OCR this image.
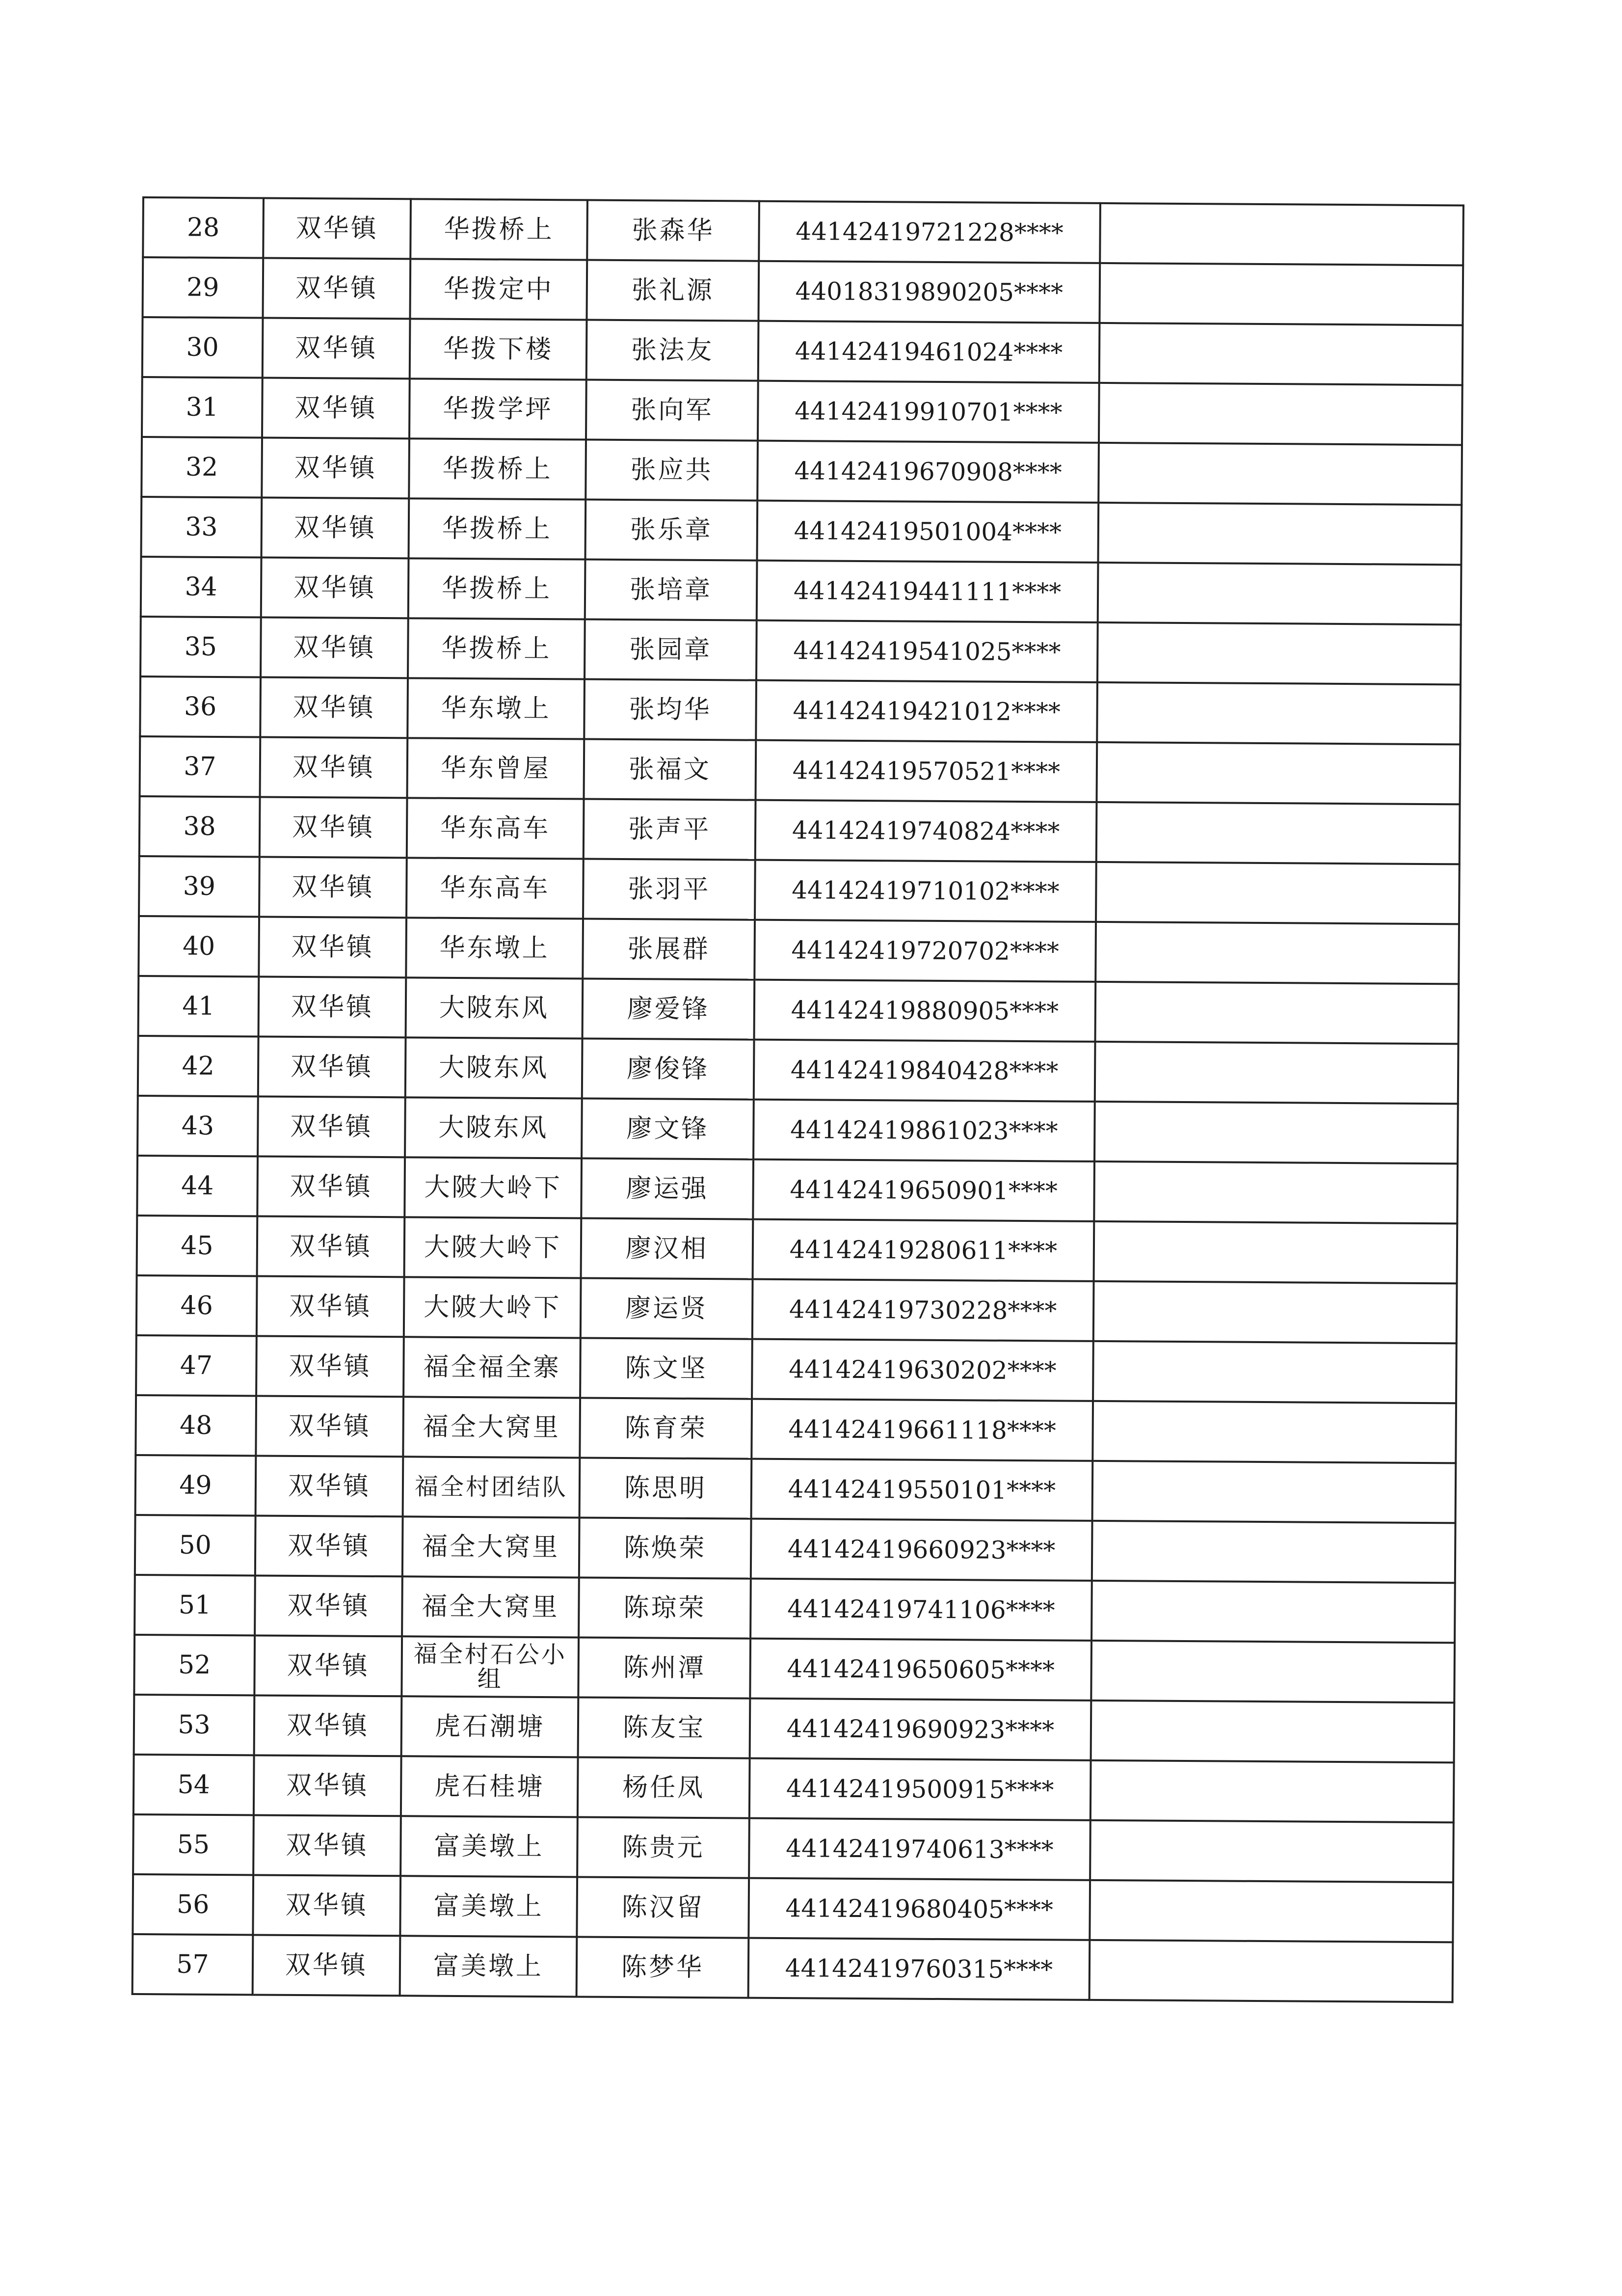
28	双华镇	华拨桥上	张森华	44142419721228****	
29	双华镇	华拨定中	张礼源	44018319890205****	
30	双华镇	华拨下楼	张法友	44142419461024****	
31	双华镇	华拨学坪	张向军	44142419910701****	
32	双华镇	华拨桥上	张应共	44142419670908****	
33	双华镇	华拨桥上	张乐章	44142419501004****	
34	双华镇	华拨桥上	张培章	44142419441111****	
35	双华镇	华拨桥上	张园章	44142419541025****	
36	双华镇	华东墩上	张均华	44142419421012****	
37	双华镇	华东曾屋	张福文	44142419570521****	
38	双华镇	华东高车	张声平	44142419740824****	
39	双华镇	华东高车	张羽平	44142419710102****	
40	双华镇	华东墩上	张展群	44142419720702****	
41	双华镇	大陂东风	廖爱锋	44142419880905****	
42	双华镇	大陂东风	廖俊锋	44142419840428****	
43	双华镇	大陂东风	廖文锋	44142419861023****	
44	双华镇	大陂大岭下	廖运强	44142419650901****	
45	双华镇	大陂大岭下	廖汉相	44142419280611****	
46	双华镇	大陂大岭下	廖运贤	44142419730228****	
47	双华镇	福全福全寨	陈文坚	44142419630202****	
48	双华镇	福全大窝里	陈育荣	44142419661118****	
49	双华镇	福全村团结队	陈思明	44142419550101****	
50	双华镇	福全大窝里	陈焕荣	44142419660923****	
51	双华镇	福全大窝里	陈琼荣	44142419741106****	
52	双华镇	福全村石公小组	陈州潭	44142419650605****	
53	双华镇	虎石潮塘	陈友宝	44142419690923****	
54	双华镇	虎石桂塘	杨任凤	44142419500915****	
55	双华镇	富美墩上	陈贵元	44142419740613****	
56	双华镇	富美墩上	陈汉留	44142419680405****	
57	双华镇	富美墩上	陈梦华	44142419760315****	
